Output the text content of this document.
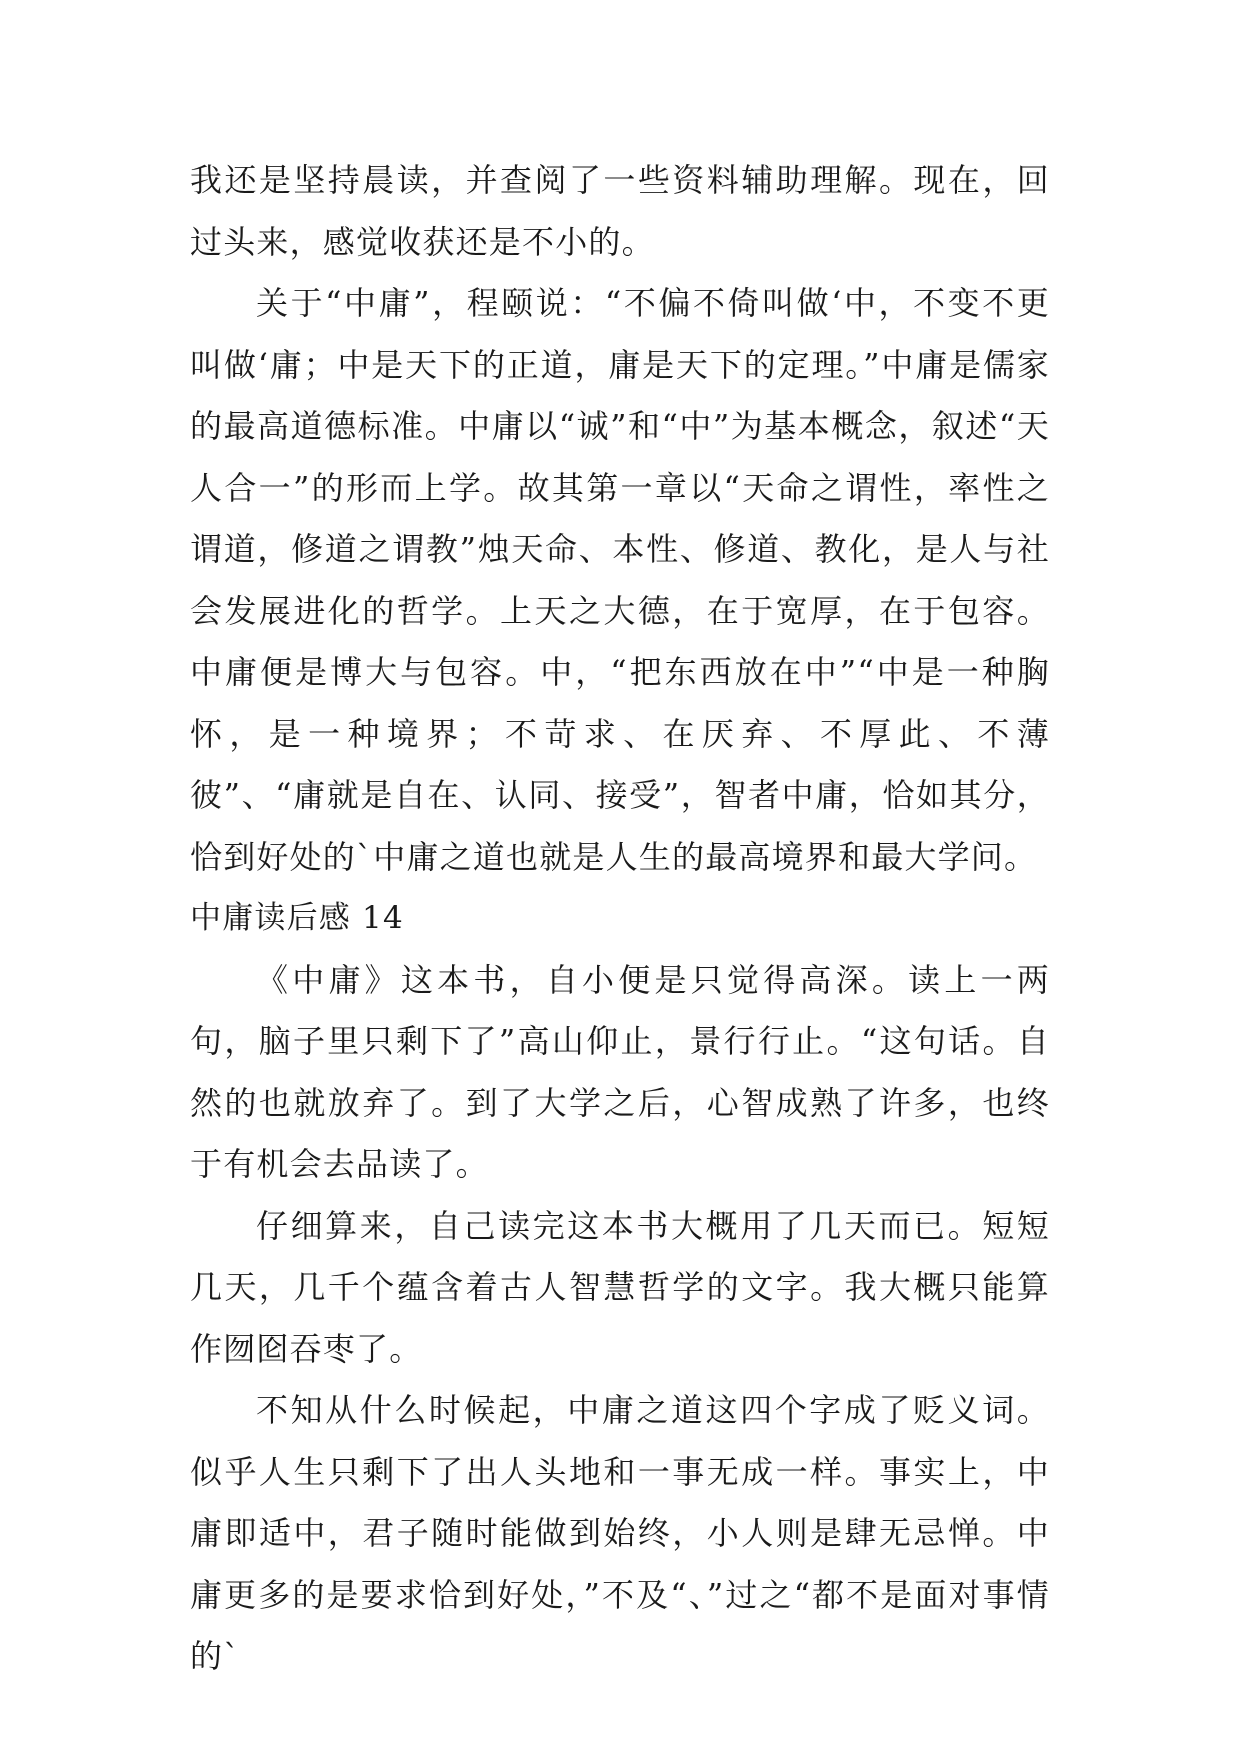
我还是坚持晨读，并查阅了一些资料辅助理解。现在，回过头来，感觉收获还是不小的。

关于“中庸”，程颐说：“不偏不倚叫做‘中，不变不更叫做‘庸；中是天下的正道，庸是天下的定理。”中庸是儒家的最高道德标准。中庸以“诚”和“中”为基本概念，叙述“天人合一”的形而上学。故其第一章以“天命之谓性，率性之谓道，修道之谓教”烛天命、本性、修道、教化，是人与社会发展进化的哲学。上天之大德，在于宽厚，在于包容。中庸便是博大与包容。中，“把东西放在中”“中是一种胸怀，是一种境界；不苛求、在厌弃、不厚此、不薄彼”、“庸就是自在、认同、接受”，智者中庸，恰如其分，恰到好处的`中庸之道也就是人生的最高境界和最大学问。

中庸读后感 14

《中庸》这本书，自小便是只觉得高深。读上一两句，脑子里只剩下了”高山仰止，景行行止。“这句话。自然的也就放弃了。到了大学之后，心智成熟了许多，也终于有机会去品读了。

仔细算来，自己读完这本书大概用了几天而已。短短几天，几千个蕴含着古人智慧哲学的文字。我大概只能算作囫囵吞枣了。

不知从什么时候起，中庸之道这四个字成了贬义词。似乎人生只剩下了出人头地和一事无成一样。事实上，中庸即适中，君子随时能做到始终，小人则是肆无忌惮。中庸更多的是要求恰到好处，”不及“、”过之“都不是面对事情的`
